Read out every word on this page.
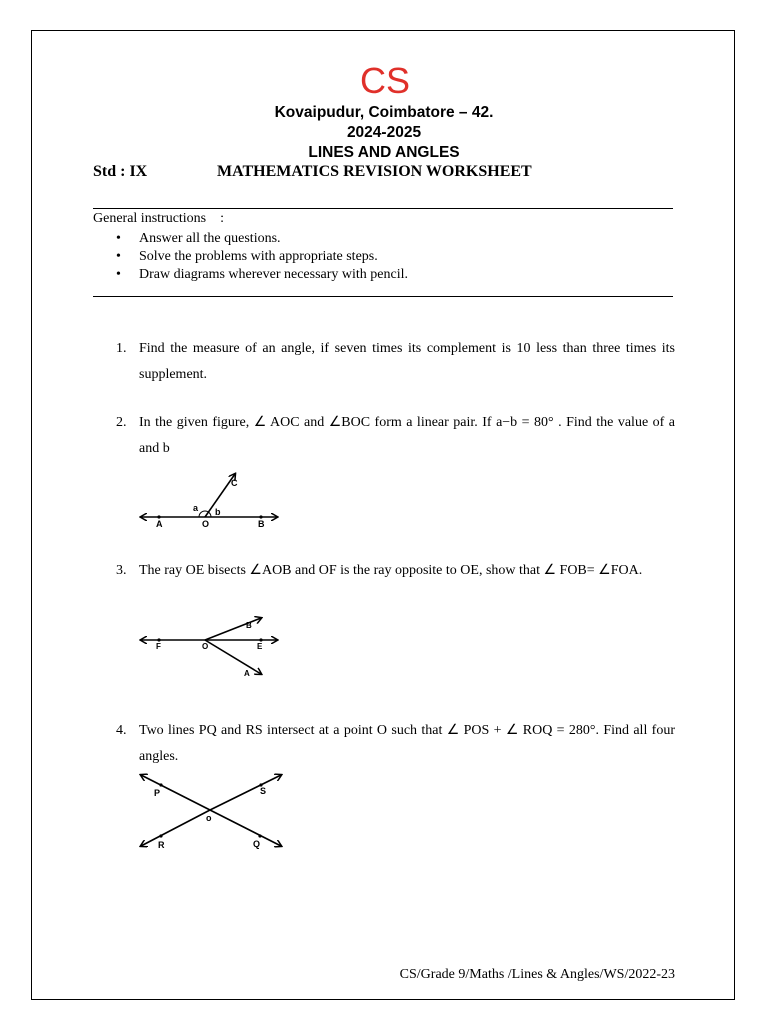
CS
Kovaipudur, Coimbatore – 42.
2024-2025
LINES AND ANGLES
Std : IX	MATHEMATICS REVISION WORKSHEET
General instructions    :
• Answer all the questions.
• Solve the problems with appropriate steps.
• Draw diagrams wherever necessary with pencil.
1. Find the measure of an angle, if seven times its complement is 10 less than three times its supplement.
2. In the given figure, ∠ AOC and ∠BOC form a linear pair. If a−b = 80° . Find the value of a and b
A	O	B
C
a b
3. The ray OE bisects ∠AOB and OF is the ray opposite to OE, show that ∠ FOB= ∠FOA.
F	O	E
B
A
4. Two lines PQ and RS intersect at a point O such that ∠ POS + ∠ ROQ = 280°. Find all four angles.
P	S
o
R	Q
CS/Grade 9/Maths /Lines & Angles/WS/2022-23
